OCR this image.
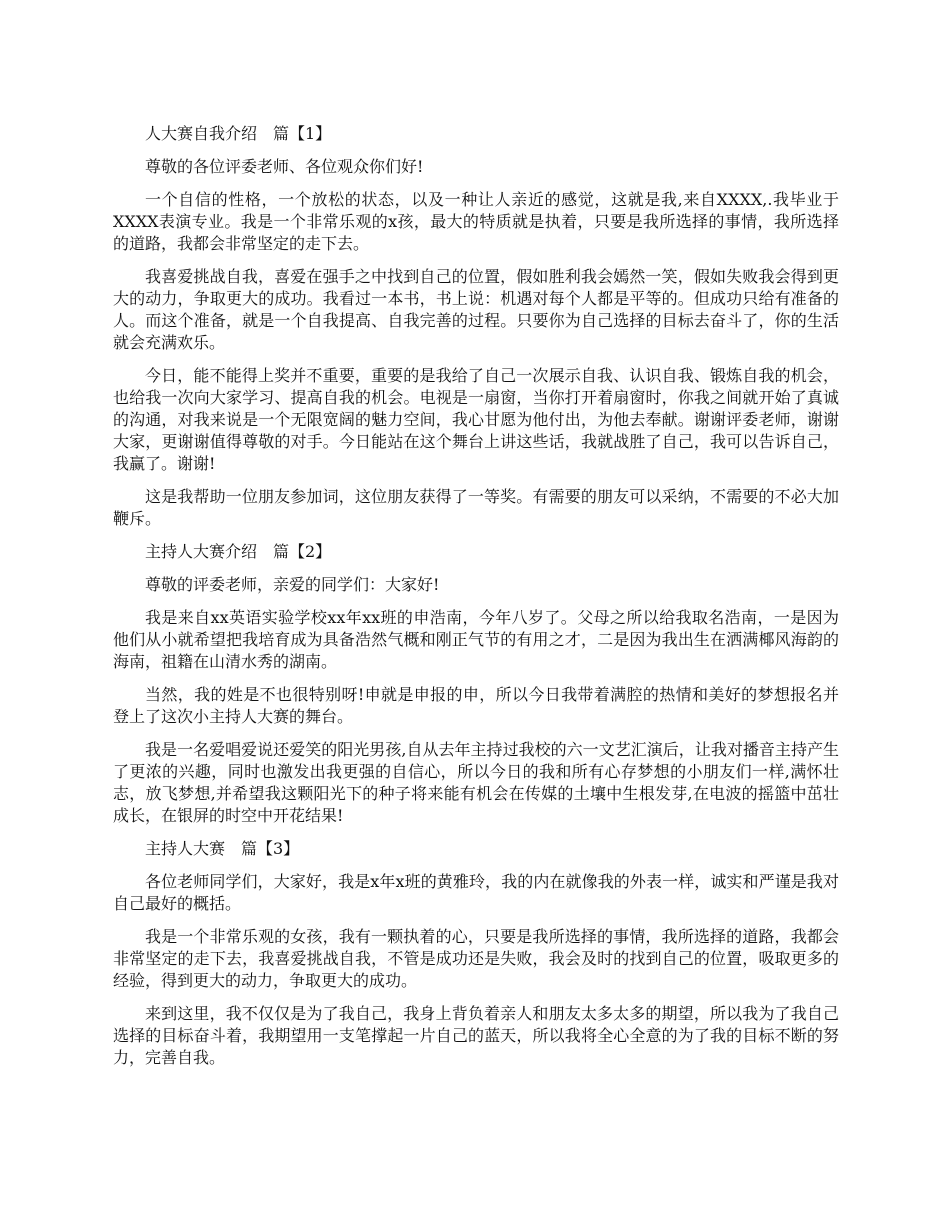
人大赛自我介绍　篇【1】

尊敬的各位评委老师、各位观众你们好!

一个自信的性格，一个放松的状态，以及一种让人亲近的感觉，这就是我,来自XXXX,.我毕业于XXXX表演专业。我是一个非常乐观的x孩，最大的特质就是执着，只要是我所选择的事情，我所选择的道路，我都会非常坚定的走下去。

我喜爱挑战自我，喜爱在强手之中找到自己的位置，假如胜利我会嫣然一笑，假如失败我会得到更大的动力，争取更大的成功。我看过一本书，书上说：机遇对每个人都是平等的。但成功只给有准备的人。而这个准备，就是一个自我提高、自我完善的过程。只要你为自己选择的目标去奋斗了，你的生活就会充满欢乐。

今日，能不能得上奖并不重要，重要的是我给了自己一次展示自我、认识自我、锻炼自我的机会，也给我一次向大家学习、提高自我的机会。电视是一扇窗，当你打开着扇窗时，你我之间就开始了真诚的沟通，对我来说是一个无限宽阔的魅力空间，我心甘愿为他付出，为他去奉献。谢谢评委老师，谢谢大家，更谢谢值得尊敬的对手。今日能站在这个舞台上讲这些话，我就战胜了自己，我可以告诉自己，我赢了。谢谢!

这是我帮助一位朋友参加词，这位朋友获得了一等奖。有需要的朋友可以采纳，不需要的不必大加鞭斥。

主持人大赛介绍　篇【2】

尊敬的评委老师，亲爱的同学们：大家好!

我是来自xx英语实验学校xx年xx班的申浩南，今年八岁了。父母之所以给我取名浩南，一是因为他们从小就希望把我培育成为具备浩然气概和刚正气节的有用之才，二是因为我出生在洒满椰风海韵的海南，祖籍在山清水秀的湖南。

当然，我的姓是不也很特别呀!申就是申报的申，所以今日我带着满腔的热情和美好的梦想报名并登上了这次小主持人大赛的舞台。

我是一名爱唱爱说还爱笑的阳光男孩,自从去年主持过我校的六一文艺汇演后，让我对播音主持产生了更浓的兴趣，同时也激发出我更强的自信心，所以今日的我和所有心存梦想的小朋友们一样,满怀壮志，放飞梦想,并希望我这颗阳光下的种子将来能有机会在传媒的土壤中生根发芽,在电波的摇篮中茁壮成长，在银屏的时空中开花结果!

主持人大赛　篇【3】

各位老师同学们，大家好，我是x年x班的黄雅玲，我的内在就像我的外表一样，诚实和严谨是我对自己最好的概括。

我是一个非常乐观的女孩，我有一颗执着的心，只要是我所选择的事情，我所选择的道路，我都会非常坚定的走下去，我喜爱挑战自我，不管是成功还是失败，我会及时的找到自己的位置，吸取更多的经验，得到更大的动力，争取更大的成功。

来到这里，我不仅仅是为了我自己，我身上背负着亲人和朋友太多太多的期望，所以我为了我自己选择的目标奋斗着，我期望用一支笔撑起一片自己的蓝天，所以我将全心全意的为了我的目标不断的努力，完善自我。
